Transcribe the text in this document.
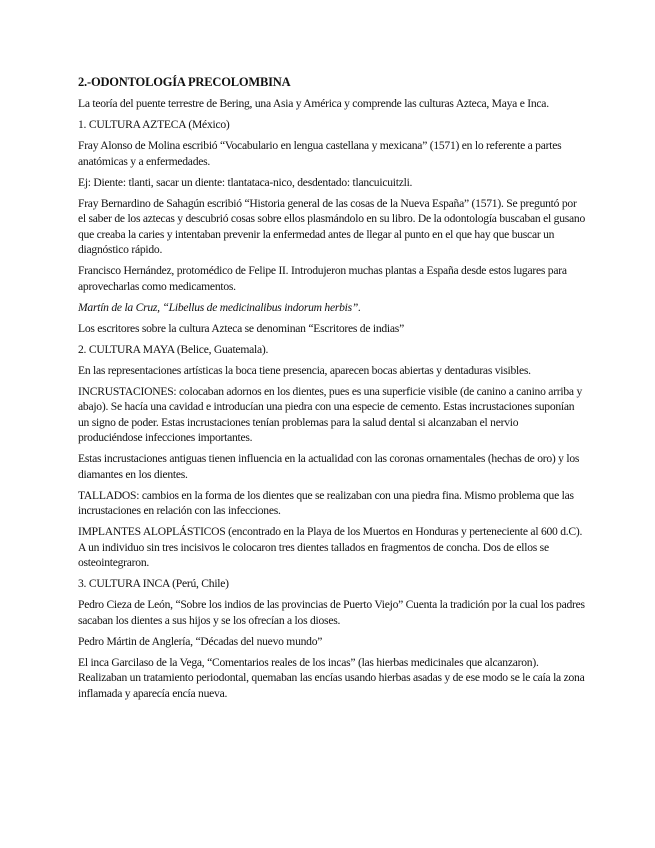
2.-ODONTOLOGÍA PRECOLOMBINA

La teoría del puente terrestre de Bering, una Asia y América y comprende las culturas Azteca, Maya e Inca.

1. CULTURA AZTECA (México)

Fray Alonso de Molina escribió “Vocabulario en lengua castellana y mexicana” (1571) en lo referente a partes anatómicas y a enfermedades.

Ej: Diente: tlanti, sacar un diente: tlantataca-nico, desdentado: tlancuicuitzli.

Fray Bernardino de Sahagún escribió “Historia general de las cosas de la Nueva España” (1571). Se preguntó por el saber de los aztecas y descubrió cosas sobre ellos plasmándolo en su libro. De la odontología buscaban el gusano que creaba la caries y intentaban prevenir la enfermedad antes de llegar al punto en el que hay que buscar un diagnóstico rápido.

Francisco Hernández, protomédico de Felipe II. Introdujeron muchas plantas a España desde estos lugares para aprovecharlas como medicamentos.

Martín de la Cruz, “Libellus de medicinalibus indorum herbis”.

Los escritores sobre la cultura Azteca se denominan “Escritores de indias”

2. CULTURA MAYA (Belice, Guatemala).

En las representaciones artísticas la boca tiene presencia, aparecen bocas abiertas y dentaduras visibles.

INCRUSTACIONES: colocaban adornos en los dientes, pues es una superficie visible (de canino a canino arriba y abajo). Se hacía una cavidad e introducían una piedra con una especie de cemento. Estas incrustaciones suponían un signo de poder. Estas incrustaciones tenían problemas para la salud dental si alcanzaban el nervio produciéndose infecciones importantes.

Estas incrustaciones antiguas tienen influencia en la actualidad con las coronas ornamentales (hechas de oro) y los diamantes en los dientes.

TALLADOS: cambios en la forma de los dientes que se realizaban con una piedra fina. Mismo problema que las incrustaciones en relación con las infecciones.

IMPLANTES ALOPLÁSTICOS (encontrado en la Playa de los Muertos en Honduras y perteneciente al 600 d.C). A un individuo sin tres incisivos le colocaron tres dientes tallados en fragmentos de concha. Dos de ellos se osteointegraron.

3. CULTURA INCA (Perú, Chile)

Pedro Cieza de León, “Sobre los indios de las provincias de Puerto Viejo” Cuenta la tradición por la cual los padres sacaban los dientes a sus hijos y se los ofrecían a los dioses.

Pedro Mártin de Anglería, “Décadas del nuevo mundo”

El inca Garcilaso de la Vega, “Comentarios reales de los incas” (las hierbas medicinales que alcanzaron). Realizaban un tratamiento periodontal, quemaban las encías usando hierbas asadas y de ese modo se le caía la zona inflamada y aparecía encía nueva.
